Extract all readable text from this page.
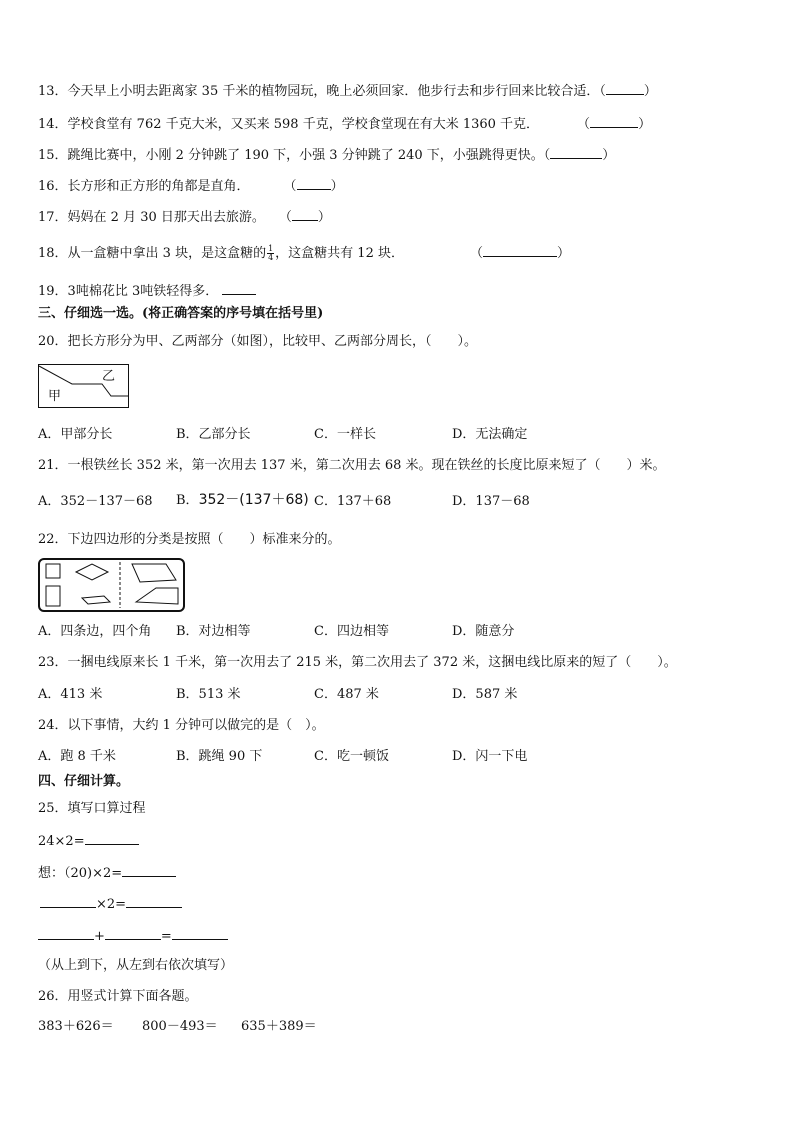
13．今天早上小明去距离家 35 千米的植物园玩，晚上必须回家．他步行去和步行回来比较合适．（	）
14．学校食堂有 762 千克大米，又买来 598 千克，学校食堂现在有大米 1360 千克．	（	）
15．跳绳比赛中，小刚 2 分钟跳了 190 下，小强 3 分钟跳了 240 下，小强跳得更快。（	）
16．长方形和正方形的角都是直角．	（	）
17．妈妈在 2 月 30 日那天出去旅游。 （ ）
18．从一盒糖中拿出 3 块，是这盒糖的 $\frac{1}{4}$ ，这盒糖共有 12 块．	（	）
19．3吨棉花比 3吨铁轻得多．
三、仔细选一选。(将正确答案的序号填在括号里)
20．把长方形分为甲、乙两部分（如图），比较甲、乙两部分周长，（　　）。
甲
乙
A．甲部分长	B．乙部分长	C．一样长	D．无法确定
21．一根铁丝长 352 米，第一次用去 137 米，第二次用去 68 米。现在铁丝的长度比原来短了（　　）米。
A．352－137－68 B．352－(137＋68) C．137＋68	D．137－68
22．下边四边形的分类是按照（　　）标准来分的。
A．四条边，四个角 B．对边相等	C．四边相等	D．随意分
23．一捆电线原来长 1 千米，第一次用去了 215 米，第二次用去了 372 米，这捆电线比原来的短了（　　）。
A．413 米	B．513 米	C．487 米	D．587 米
24．以下事情，大约 1 分钟可以做完的是（　）。
A．跑 8 千米	B．跳绳 90 下	C．吃一顿饭	D．闪一下电
四、仔细计算。
25．填写口算过程
24×2=
想：（20)×2=
×2=
+	=
（从上到下，从左到右依次填写）
26．用竖式计算下面各题。
383＋626＝ 800－493＝ 635＋389＝
